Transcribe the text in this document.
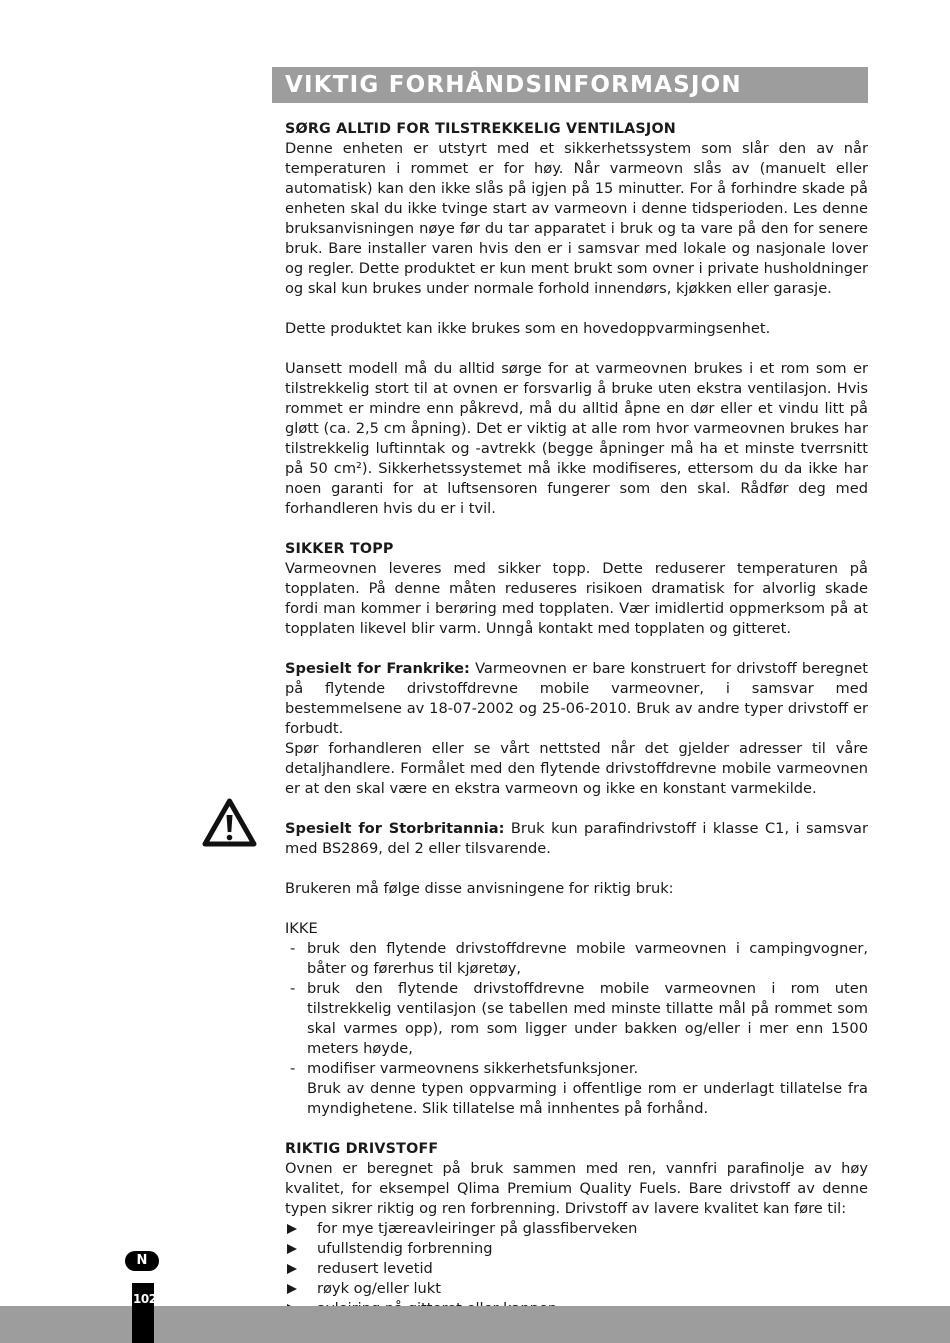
VIKTIG FORHÅNDSINFORMASJON

SØRG ALLTID FOR TILSTREKKELIG VENTILASJON

Denne enheten er utstyrt med et sikkerhetssystem som slår den av når temperaturen i rommet er for høy. Når varmeovn slås av (manuelt eller automatisk) kan den ikke slås på igjen på 15 minutter. For å forhindre skade på enheten skal du ikke tvinge start av varmeovn i denne tidsperioden. Les denne bruksanvisningen nøye før du tar apparatet i bruk og ta vare på den for senere bruk. Bare installer varen hvis den er i samsvar med lokale og nasjonale lover og regler. Dette produktet er kun ment brukt som ovner i private husholdninger og skal kun brukes under normale forhold innendørs, kjøkken eller garasje.

Dette produktet kan ikke brukes som en hovedoppvarmingsenhet.

Uansett modell må du alltid sørge for at varmeovnen brukes i et rom som er tilstrekkelig stort til at ovnen er forsvarlig å bruke uten ekstra ventilasjon. Hvis rommet er mindre enn påkrevd, må du alltid åpne en dør eller et vindu litt på gløtt (ca. 2,5 cm åpning). Det er viktig at alle rom hvor varmeovnen brukes har tilstrekkelig luftinntak og -avtrekk (begge åpninger må ha et minste tverrsnitt på 50 cm²). Sikkerhetssystemet må ikke modifiseres, ettersom du da ikke har noen garanti for at luftsensoren fungerer som den skal. Rådfør deg med forhandleren hvis du er i tvil.

SIKKER TOPP

Varmeovnen leveres med sikker topp. Dette reduserer temperaturen på topplaten. På denne måten reduseres risikoen dramatisk for alvorlig skade fordi man kommer i berøring med topplaten. Vær imidlertid oppmerksom på at topplaten likevel blir varm. Unngå kontakt med topplaten og gitteret.

Spesielt for Frankrike: Varmeovnen er bare konstruert for drivstoff beregnet på flytende drivstoffdrevne mobile varmeovner, i samsvar med bestemmelsene av 18-07-2002 og 25-06-2010. Bruk av andre typer drivstoff er forbudt.

Spør forhandleren eller se vårt nettsted når det gjelder adresser til våre detaljhandlere. Formålet med den flytende drivstoffdrevne mobile varmeovnen er at den skal være en ekstra varmeovn og ikke en konstant varmekilde.

Spesielt for Storbritannia: Bruk kun parafindrivstoff i klasse C1, i samsvar med BS2869, del 2 eller tilsvarende.

Brukeren må følge disse anvisningene for riktig bruk:

IKKE

- bruk den flytende drivstoffdrevne mobile varmeovnen i campingvogner, båter og førerhus til kjøretøy,
- bruk den flytende drivstoffdrevne mobile varmeovnen i rom uten tilstrekkelig ventilasjon (se tabellen med minste tillatte mål på rommet som skal varmes opp), rom som ligger under bakken og/eller i mer enn 1500 meters høyde,
- modifiser varmeovnens sikkerhetsfunksjoner.

Bruk av denne typen oppvarming i offentlige rom er underlagt tillatelse fra myndighetene. Slik tillatelse må innhentes på forhånd.

RIKTIG DRIVSTOFF

Ovnen er beregnet på bruk sammen med ren, vannfri parafinolje av høy kvalitet, for eksempel Qlima Premium Quality Fuels. Bare drivstoff av denne typen sikrer riktig og ren forbrenning. Drivstoff av lavere kvalitet kan føre til:

for mye tjæreavleiringer på glassfiberveken
ufullstendig forbrenning
redusert levetid
røyk og/eller lukt
N
102
